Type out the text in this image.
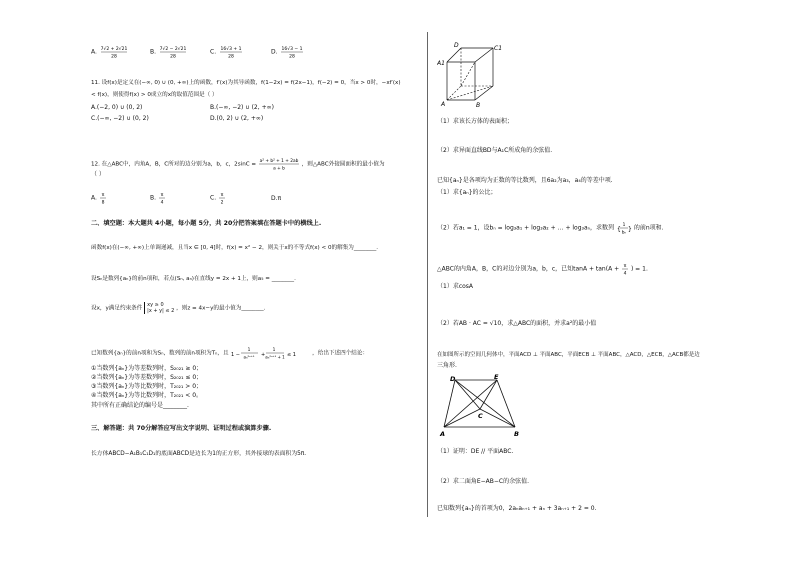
A. 7√2 + 2√21
28
B. 7√2 − 2√21
28
C. 16√3 + 1
28
D. 16√3 − 1
28
11. 设f(x)是定义在(−∞, 0) ∪ (0, +∞)上的函数，f′(x)为其导函数，f(1−2x) = f(2x−1)，f(−2) = 0，当x > 0时，−xf′(x)
< f(x)，则使得f(x) > 0成立的x的取值范围是（ ）
A.(−2, 0) ∪ (0, 2)	B.(−∞, −2) ∪ (2, +∞)
C.(−∞, −2) ∪ (0, 2)	D.(0, 2) ∪ (2, +∞)
12. 在△ABC中，内角A，B，C所对的边分别为a，b，c，2sinC = a² + b² + 1 + 2ab
a + b
，则△ABC外接圆面积的最小值为
（ ）
A. π
8
B. π
4
C. π
2
D.π
二、填空题：本大题共 4小题，每小题 5分，共 20分把答案填在答题卡中的横线上.
函数f(x)在(−∞, +∞)上单调递减，且当x ∈ [0, 4]时，f(x) = x² − 2，则关于x的不等式f(x) < 0的解集为________.
设Sₙ是数列{aₙ}的前n项和，若点(Sₙ, aₙ)在直线y = 2x + 1上，则a₅ = ________.
设x，y满足约束条件
xy ≥ 0
|x + y| ≤ 2 ，则z = 4x−y的最小值为________.
已知数列{aₙ}的前n项和为Sₙ，数列的前n项积为Tₙ，且 1 −
1
aₙ²ⁿ⁺¹ +
1
aₙ²ⁿ⁺¹ + 1 ≤ 1	，给出下述四个结论：
①当数列{aₙ}为等差数列时，S₂₀₂₁ ≥ 0；
②当数列{aₙ}为等差数列时，S₂₀₂₁ ≤ 0；
③当数列{aₙ}为等比数列时，T₂₀₂₁ > 0；
④当数列{aₙ}为等比数列时，T₂₀₂₁ < 0。
其中所有正确结论的编号是________.
三、解答题：共 70分解答应写出文字说明、证明过程或演算步骤.
长方体ABCD−A₁B₁C₁D₁的底面ABCD是边长为1的正方形，其外接球的表面积为5π.
D	C1
A1
A	B
（1）求该长方体的表面积；
（2）求异面直线BD与A₁C所成角的余弦值.
已知{aₙ}是各项均为正数的等比数列，且6a₂为a₃，a₄的等差中项.
（1）求{aₙ}的公比；
（2）若a₁ = 1，设bₙ = log₃a₁ + log₃a₂ + … + log₃aₙ，求数列 {
1
bₙ } 的前n项和.
△ABC的内角A，B，C的对边分别为a，b，c，已知tanA + tan(A + π
4
) = 1.
（1）求cosA
（2）若AB · AC = √10，求△ABC的面积，并求a²的最小值
在如图所示的空间几何体中，平面ACD ⊥ 平面ABC，平面ECB ⊥ 平面ABC，△ACD，△ECB，△ACB都是边
三角形.
D	E
C
A	B
（1）证明：DE // 平面ABC.
（2）求二面角E−AB−C的余弦值.
已知数列{aₙ}的首项为0，2aₙaₙ₊₁ + aₙ + 3aₙ₊₁ + 2 = 0.
